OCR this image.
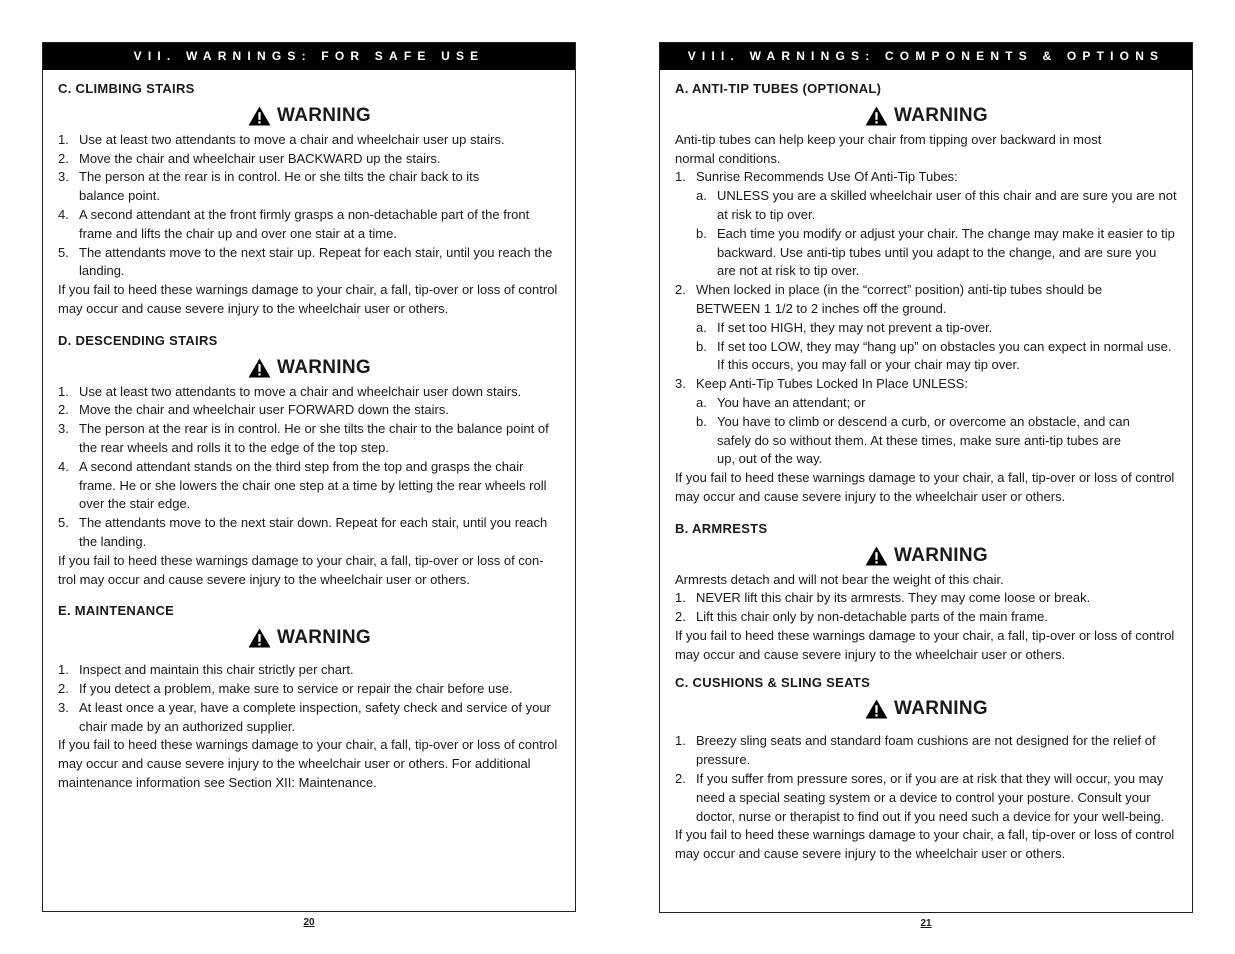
VII. WARNINGS: FOR SAFE USE
C. CLIMBING STAIRS
WARNING
1. Use at least two attendants to move a chair and wheelchair user up stairs.
2. Move the chair and wheelchair user BACKWARD up the stairs.
3. The person at the rear is in control. He or she tilts the chair back to its balance point.
4. A second attendant at the front firmly grasps a non-detachable part of the front frame and lifts the chair up and over one stair at a time.
5. The attendants move to the next stair up. Repeat for each stair, until you reach the landing.
If you fail to heed these warnings damage to your chair, a fall, tip-over or loss of control may occur and cause severe injury to the wheelchair user or others.
D. DESCENDING STAIRS
WARNING
1. Use at least two attendants to move a chair and wheelchair user down stairs.
2. Move the chair and wheelchair user FORWARD down the stairs.
3. The person at the rear is in control. He or she tilts the chair to the balance point of the rear wheels and rolls it to the edge of the top step.
4. A second attendant stands on the third step from the top and grasps the chair frame. He or she lowers the chair one step at a time by letting the rear wheels roll over the stair edge.
5. The attendants move to the next stair down. Repeat for each stair, until you reach the landing.
If you fail to heed these warnings damage to your chair, a fall, tip-over or loss of con-trol may occur and cause severe injury to the wheelchair user or others.
E. MAINTENANCE
WARNING
1. Inspect and maintain this chair strictly per chart.
2. If you detect a problem, make sure to service or repair the chair before use.
3. At least once a year, have a complete inspection, safety check and service of your chair made by an authorized supplier.
If you fail to heed these warnings damage to your chair, a fall, tip-over or loss of control may occur and cause severe injury to the wheelchair user or others. For additional maintenance information see Section XII: Maintenance.
20
VIII. WARNINGS: COMPONENTS & OPTIONS
A. ANTI-TIP TUBES (OPTIONAL)
WARNING
Anti-tip tubes can help keep your chair from tipping over backward in most normal conditions.
1. Sunrise Recommends Use Of Anti-Tip Tubes:
a. UNLESS you are a skilled wheelchair user of this chair and are sure you are not at risk to tip over.
b. Each time you modify or adjust your chair. The change may make it easier to tip backward. Use anti-tip tubes until you adapt to the change, and are sure you are not at risk to tip over.
2. When locked in place (in the “correct” position) anti-tip tubes should be BETWEEN 1 1/2 to 2 inches off the ground.
a. If set too HIGH, they may not prevent a tip-over.
b. If set too LOW, they may “hang up” on obstacles you can expect in normal use. If this occurs, you may fall or your chair may tip over.
3. Keep Anti-Tip Tubes Locked In Place UNLESS:
a. You have an attendant; or
b. You have to climb or descend a curb, or overcome an obstacle, and can safely do so without them. At these times, make sure anti-tip tubes are up, out of the way.
If you fail to heed these warnings damage to your chair, a fall, tip-over or loss of control may occur and cause severe injury to the wheelchair user or others.
B. ARMRESTS
WARNING
Armrests detach and will not bear the weight of this chair.
1. NEVER lift this chair by its armrests. They may come loose or break.
2. Lift this chair only by non-detachable parts of the main frame.
If you fail to heed these warnings damage to your chair, a fall, tip-over or loss of control may occur and cause severe injury to the wheelchair user or others.
C. CUSHIONS & SLING SEATS
WARNING
1. Breezy sling seats and standard foam cushions are not designed for the relief of pressure.
2. If you suffer from pressure sores, or if you are at risk that they will occur, you may need a special seating system or a device to control your posture. Consult your doctor, nurse or therapist to find out if you need such a device for your well-being.
If you fail to heed these warnings damage to your chair, a fall, tip-over or loss of control may occur and cause severe injury to the wheelchair user or others.
21
